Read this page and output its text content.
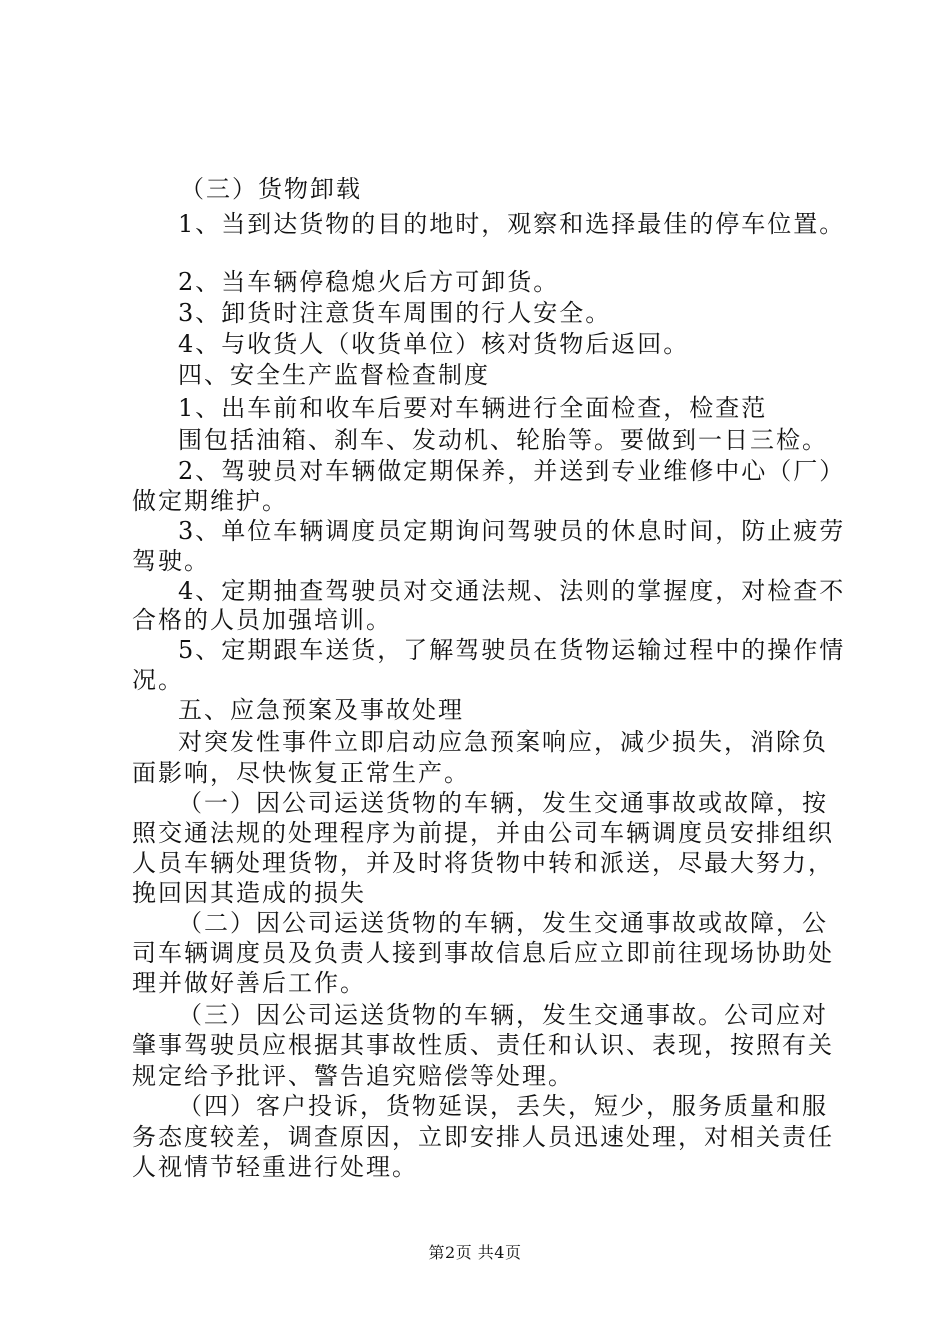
（三）货物卸载
1、当到达货物的目的地时，观察和选择最佳的停车位置。
2、当车辆停稳熄火后方可卸货。
3、卸货时注意货车周围的行人安全。
4、与收货人（收货单位）核对货物后返回。
四、安全生产监督检查制度
1、出车前和收车后要对车辆进行全面检查，检查范
围包括油箱、刹车、发动机、轮胎等。要做到一日三检。
2、驾驶员对车辆做定期保养，并送到专业维修中心（厂）
做定期维护。
3、单位车辆调度员定期询问驾驶员的休息时间，防止疲劳
驾驶。
4、定期抽查驾驶员对交通法规、法则的掌握度，对检查不
合格的人员加强培训。
5、定期跟车送货，了解驾驶员在货物运输过程中的操作情
况。
五、应急预案及事故处理
对突发性事件立即启动应急预案响应，减少损失，消除负
面影响，尽快恢复正常生产。
（一）因公司运送货物的车辆，发生交通事故或故障，按
照交通法规的处理程序为前提，并由公司车辆调度员安排组织
人员车辆处理货物，并及时将货物中转和派送，尽最大努力，
挽回因其造成的损失
（二）因公司运送货物的车辆，发生交通事故或故障，公
司车辆调度员及负责人接到事故信息后应立即前往现场协助处
理并做好善后工作。
（三）因公司运送货物的车辆，发生交通事故。公司应对
肇事驾驶员应根据其事故性质、责任和认识、表现，按照有关
规定给予批评、警告追究赔偿等处理。
（四）客户投诉，货物延误，丢失，短少，服务质量和服
务态度较差，调查原因，立即安排人员迅速处理，对相关责任
人视情节轻重进行处理。
第2页 共4页
